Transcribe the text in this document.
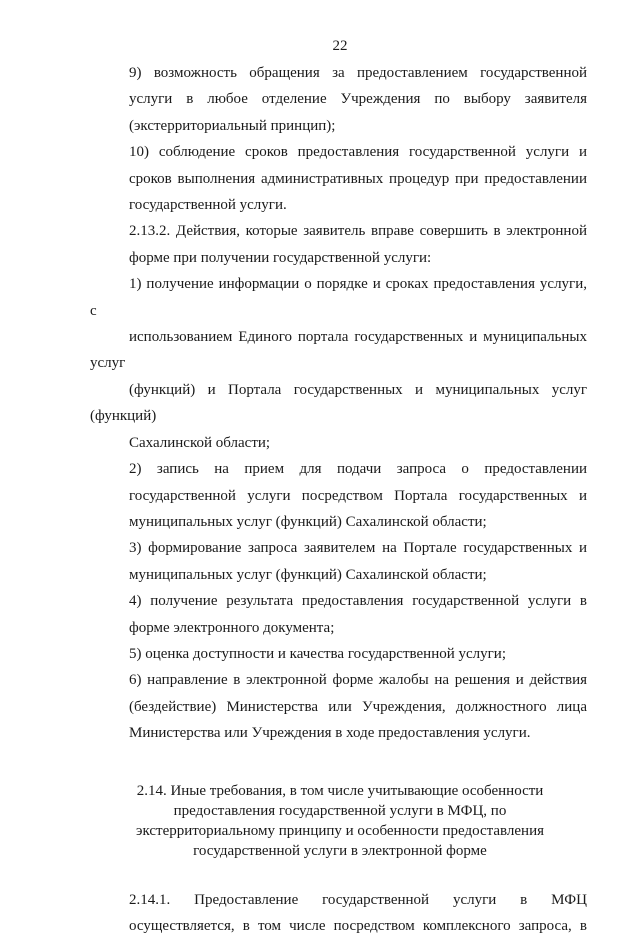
22

9) возможность обращения за предоставлением государственной
услуги в любое отделение Учреждения по выбору заявителя
(экстерриториальный принцип);

10) соблюдение сроков предоставления государственной услуги и
сроков выполнения административных процедур при предоставлении
государственной услуги.

2.13.2. Действия, которые заявитель вправе совершить в электронной
форме при получении государственной услуги:

1) получение информации о порядке и сроках предоставления услуги, с
использованием Единого портала государственных и муниципальных услуг
(функций) и Портала государственных и муниципальных услуг (функций)
Сахалинской области;

2) запись на прием для подачи запроса о предоставлении
государственной услуги посредством Портала государственных и
муниципальных услуг (функций) Сахалинской области;

3) формирование запроса заявителем на Портале государственных и
муниципальных услуг (функций) Сахалинской области;

4) получение результата предоставления государственной услуги в
форме электронного документа;

5) оценка доступности и качества государственной услуги;

6) направление в электронной форме жалобы на решения и действия
(бездействие) Министерства или Учреждения, должностного лица
Министерства или Учреждения в ходе предоставления услуги.

2.14. Иные требования, в том числе учитывающие особенности
предоставления государственной услуги в МФЦ, по
экстерриториальному принципу и особенности предоставления
государственной услуги в электронной форме

2.14.1. Предоставление государственной услуги в МФЦ
осуществляется, в том числе посредством комплексного запроса, в
